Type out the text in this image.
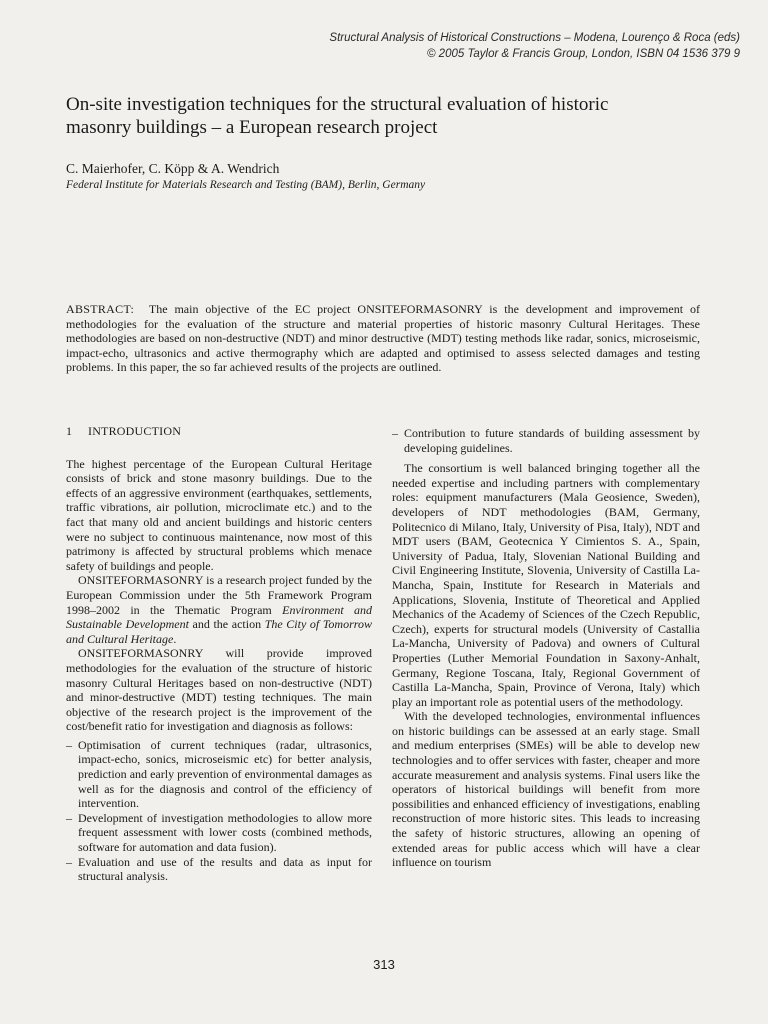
Structural Analysis of Historical Constructions – Modena, Lourenço & Roca (eds)
© 2005 Taylor & Francis Group, London, ISBN 04 1536 379 9
On-site investigation techniques for the structural evaluation of historic masonry buildings – a European research project
C. Maierhofer, C. Köpp & A. Wendrich
Federal Institute for Materials Research and Testing (BAM), Berlin, Germany
ABSTRACT: The main objective of the EC project ONSITEFORMASONRY is the development and improvement of methodologies for the evaluation of the structure and material properties of historic masonry Cultural Heritages. These methodologies are based on non-destructive (NDT) and minor destructive (MDT) testing methods like radar, sonics, microseismic, impact-echo, ultrasonics and active thermography which are adapted and optimised to assess selected damages and testing problems. In this paper, the so far achieved results of the projects are outlined.
1 INTRODUCTION

The highest percentage of the European Cultural Heritage consists of brick and stone masonry buildings. Due to the effects of an aggressive environment (earthquakes, settlements, traffic vibrations, air pollution, microclimate etc.) and to the fact that many old and ancient buildings and historic centers were no subject to continuous maintenance, now most of this patrimony is affected by structural problems which menace safety of buildings and people.

ONSITEFORMASONRY is a research project funded by the European Commission under the 5th Framework Program 1998–2002 in the Thematic Program Environment and Sustainable Development and the action The City of Tomorrow and Cultural Heritage.

ONSITEFORMASONRY will provide improved methodologies for the evaluation of the structure of historic masonry Cultural Heritages based on non-destructive (NDT) and minor-destructive (MDT) testing techniques. The main objective of the research project is the improvement of the cost/benefit ratio for investigation and diagnosis as follows:

– Optimisation of current techniques (radar, ultrasonics, impact-echo, sonics, microseismic etc) for better analysis, prediction and early prevention of environmental damages as well as for the diagnosis and control of the efficiency of intervention.
– Development of investigation methodologies to allow more frequent assessment with lower costs (combined methods, software for automation and data fusion).
– Evaluation and use of the results and data as input for structural analysis.
– Contribution to future standards of building assessment by developing guidelines.

The consortium is well balanced bringing together all the needed expertise and including partners with complementary roles: equipment manufacturers (Mala Geosience, Sweden), developers of NDT methodologies (BAM, Germany, Politecnico di Milano, Italy, University of Pisa, Italy), NDT and MDT users (BAM, Geotecnica Y Cimientos S. A., Spain, University of Padua, Italy, Slovenian National Building and Civil Engineering Institute, Slovenia, University of Castilla La-Mancha, Spain, Institute for Research in Materials and Applications, Slovenia, Institute of Theoretical and Applied Mechanics of the Academy of Sciences of the Czech Republic, Czech), experts for structural models (University of Castallia La-Mancha, University of Padova) and owners of Cultural Properties (Luther Memorial Foundation in Saxony-Anhalt, Germany, Regione Toscana, Italy, Regional Government of Castilla La-Mancha, Spain, Province of Verona, Italy) which play an important role as potential users of the methodology.

With the developed technologies, environmental influences on historic buildings can be assessed at an early stage. Small and medium enterprises (SMEs) will be able to develop new technologies and to offer services with faster, cheaper and more accurate measurement and analysis systems. Final users like the operators of historical buildings will benefit from more possibilities and enhanced efficiency of investigations, enabling reconstruction of more historic sites. This leads to increasing the safety of historic structures, allowing an opening of extended areas for public access which will have a clear influence on tourism

313
